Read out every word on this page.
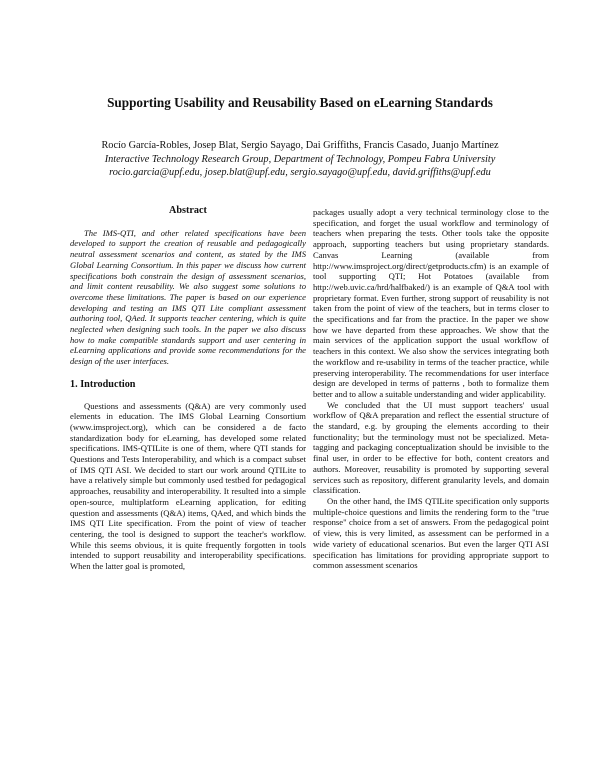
Supporting Usability and Reusability Based on eLearning Standards
Rocío García-Robles, Josep Blat, Sergio Sayago, Dai Griffiths, Francis Casado, Juanjo Martínez
Interactive Technology Research Group, Department of Technology, Pompeu Fabra University
rocio.garcia@upf.edu, josep.blat@upf.edu, sergio.sayago@upf.edu, david.griffiths@upf.edu
Abstract

The IMS-QTI, and other related specifications have been developed to support the creation of reusable and pedagogically neutral assessment scenarios and content, as stated by the IMS Global Learning Consortium. In this paper we discuss how current specifications both constrain the design of assessment scenarios, and limit content reusability. We also suggest some solutions to overcome these limitations. The paper is based on our experience developing and testing an IMS QTI Lite compliant assessment authoring tool, QAed. It supports teacher centering, which is quite neglected when designing such tools. In the paper we also discuss how to make compatible standards support and user centering in eLearning applications and provide some recommendations for the design of the user interfaces.

1. Introduction

Questions and assessments (Q&A) are very commonly used elements in education. The IMS Global Learning Consortium (www.imsproject.org), which can be considered a de facto standardization body for eLearning, has developed some related specifications. IMS-QTILite is one of them, where QTI stands for Questions and Tests Interoperability, and which is a compact subset of IMS QTI ASI. We decided to start our work around QTILite to have a relatively simple but commonly used testbed for pedagogical approaches, reusability and interoperability. It resulted into a simple open-source, multiplatform eLearning application, for editing question and assessments (Q&A) items, QAed, and which binds the IMS QTI Lite specification. From the point of view of teacher centering, the tool is designed to support the teacher's workflow. While this seems obvious, it is quite frequently forgotten in tools intended to support reusability and interoperability specifications. When the latter goal is promoted,

packages usually adopt a very technical terminology close to the specification, and forget the usual workflow and terminology of teachers when preparing the tests. Other tools take the opposite approach, supporting teachers but using proprietary standards. Canvas Learning (available from http://www.imsproject.org/direct/getproducts.cfm) is an example of tool supporting QTI; Hot Potatoes (available from http://web.uvic.ca/hrd/halfbaked/) is an example of Q&A tool with proprietary format. Even further, strong support of reusability is not taken from the point of view of the teachers, but in terms closer to the specifications and far from the practice. In the paper we show how we have departed from these approaches. We show that the main services of the application support the usual workflow of teachers in this context. We also show the services integrating both the workflow and re-usability in terms of the teacher practice, while preserving interoperability. The recommendations for user interface design are developed in terms of patterns , both to formalize them better and to allow a suitable understanding and wider applicability.

We concluded that the UI must support teachers' usual workflow of Q&A preparation and reflect the essential structure of the standard, e.g. by grouping the elements according to their functionality; but the terminology must not be specialized. Meta-tagging and packaging conceptualization should be invisible to the final user, in order to be effective for both, content creators and authors. Moreover, reusability is promoted by supporting several services such as repository, different granularity levels, and domain classification.

On the other hand, the IMS QTILite specification only supports multiple-choice questions and limits the rendering form to the "true response" choice from a set of answers. From the pedagogical point of view, this is very limited, as assessment can be performed in a wide variety of educational scenarios. But even the larger QTI ASI specification has limitations for providing appropriate support to common assessment scenarios
